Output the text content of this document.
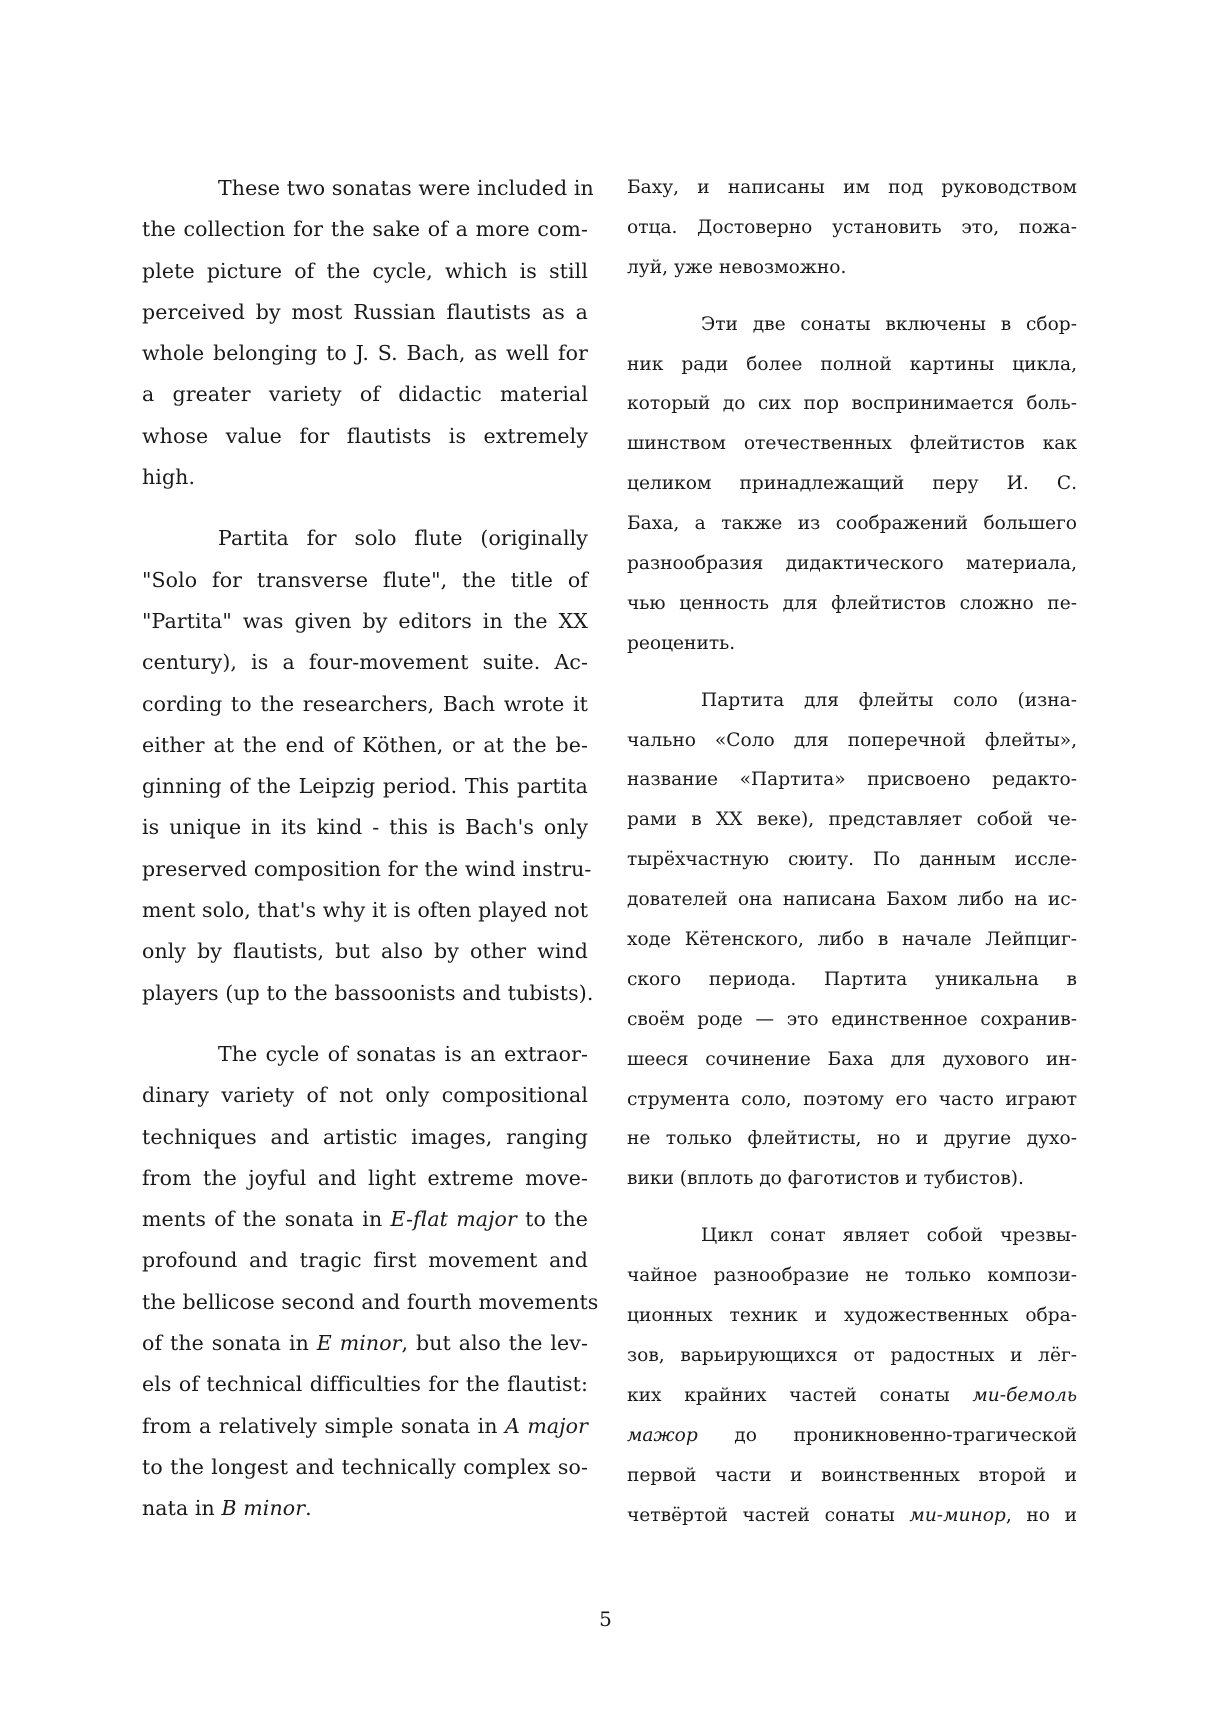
These two sonatas were included in
the collection for the sake of a more com-
plete picture of the cycle, which is still
perceived by most Russian flautists as a
whole belonging to J. S. Bach, as well for
a greater variety of didactic material
whose value for flautists is extremely
high.
Partita for solo flute (originally
"Solo for transverse flute", the title of
"Partita" was given by editors in the XX
century), is a four-movement suite. Ac-
cording to the researchers, Bach wrote it
either at the end of Köthen, or at the be-
ginning of the Leipzig period. This partita
is unique in its kind - this is Bach's only
preserved composition for the wind instru-
ment solo, that's why it is often played not
only by flautists, but also by other wind
players (up to the bassoonists and tubists).
The cycle of sonatas is an extraor-
dinary variety of not only compositional
techniques and artistic images, ranging
from the joyful and light extreme move-
ments of the sonata in E-flat major to the
profound and tragic first movement and
the bellicose second and fourth movements
of the sonata in E minor, but also the lev-
els of technical difficulties for the flautist:
from a relatively simple sonata in A major
to the longest and technically complex so-
nata in B minor.
Баху, и написаны им под руководством
отца. Достоверно установить это, пожа-
луй, уже невозможно.
Эти две сонаты включены в сбор-
ник ради более полной картины цикла,
который до сих пор воспринимается боль-
шинством отечественных флейтистов как
целиком принадлежащий перу И. С.
Баха, а также из соображений большего
разнообразия дидактического материала,
чью ценность для флейтистов сложно пе-
реоценить.
Партита для флейты соло (изна-
чально «Соло для поперечной флейты»,
название «Партита» присвоено редакто-
рами в XX веке), представляет собой че-
тырёхчастную сюиту. По данным иссле-
дователей она написана Бахом либо на ис-
ходе Кётенского, либо в начале Лейпциг-
ского периода. Партита уникальна в
своём роде — это единственное сохранив-
шееся сочинение Баха для духового ин-
струмента соло, поэтому его часто играют
не только флейтисты, но и другие духо-
вики (вплоть до фаготистов и тубистов).
Цикл сонат являет собой чрезвы-
чайное разнообразие не только компози-
ционных техник и художественных обра-
зов, варьирующихся от радостных и лёг-
ких крайних частей сонаты ми-бемоль
мажор до проникновенно-трагической
первой части и воинственных второй и
четвёртой частей сонаты ми-минор, но и
5
